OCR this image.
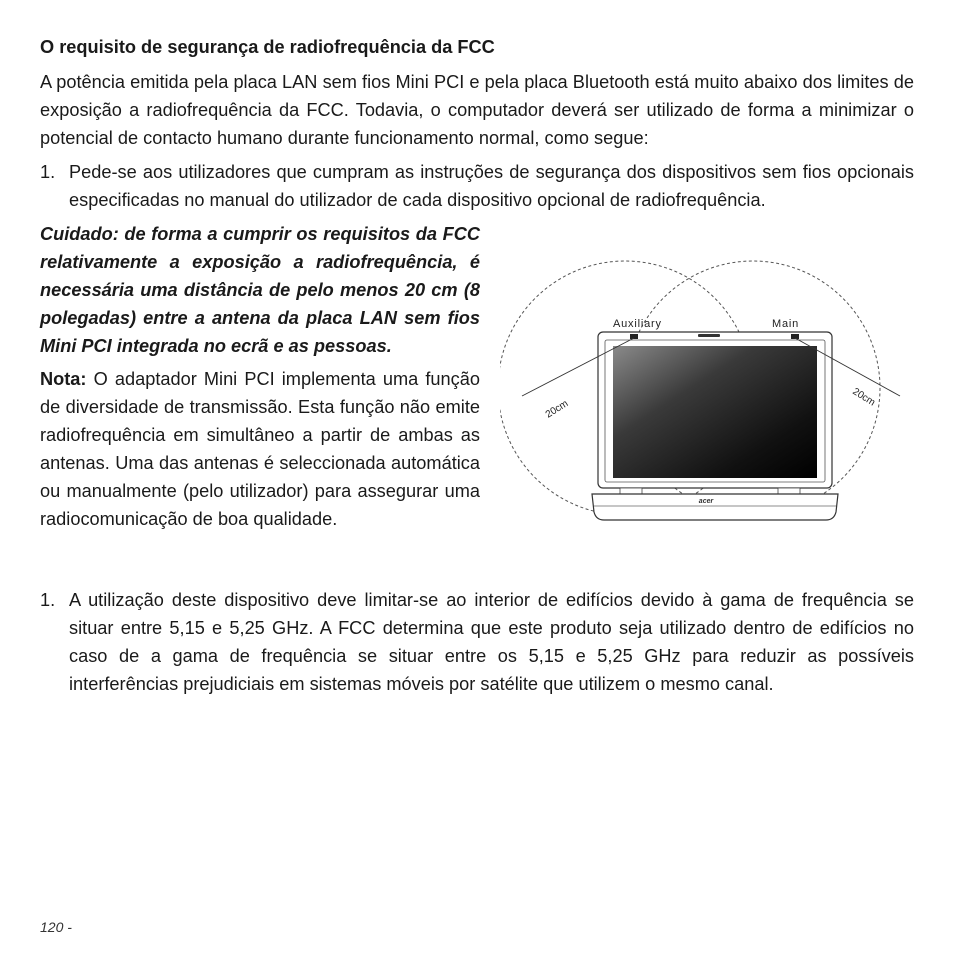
O requisito de segurança de radiofrequência da FCC

A potência emitida pela placa LAN sem fios Mini PCI e pela placa Bluetooth está muito abaixo dos limites de exposição a radiofrequência da FCC. Todavia, o computador deverá ser utilizado de forma a minimizar o potencial de contacto humano durante funcionamento normal, como segue:

1. Pede-se aos utilizadores que cumpram as instruções de segurança dos dispositivos sem fios opcionais especificadas no manual do utilizador de cada dispositivo opcional de radiofrequência.
acer
Auxiliary	Main
20cm
20cm

Cuidado: de forma a cumprir os requisitos da FCC relativamente a exposição a radiofrequência, é necessária uma distância de pelo menos 20 cm (8 polegadas) entre a antena da placa LAN sem fios Mini PCI integrada no ecrã e as pessoas.

Nota: O adaptador Mini PCI implementa uma função de diversidade de transmissão. Esta função não emite radiofrequência em simultâneo a partir de ambas as antenas. Uma das antenas é seleccionada automática ou manualmente (pelo utilizador) para assegurar uma radiocomunicação de boa qualidade.

1. A utilização deste dispositivo deve limitar-se ao interior de edifícios devido à gama de frequência se situar entre 5,15 e 5,25 GHz. A FCC determina que este produto seja utilizado dentro de edifícios no caso de a gama de frequência se situar entre os 5,15 e 5,25 GHz para reduzir as possíveis interferências prejudiciais em sistemas móveis por satélite que utilizem o mesmo canal.
120 -
